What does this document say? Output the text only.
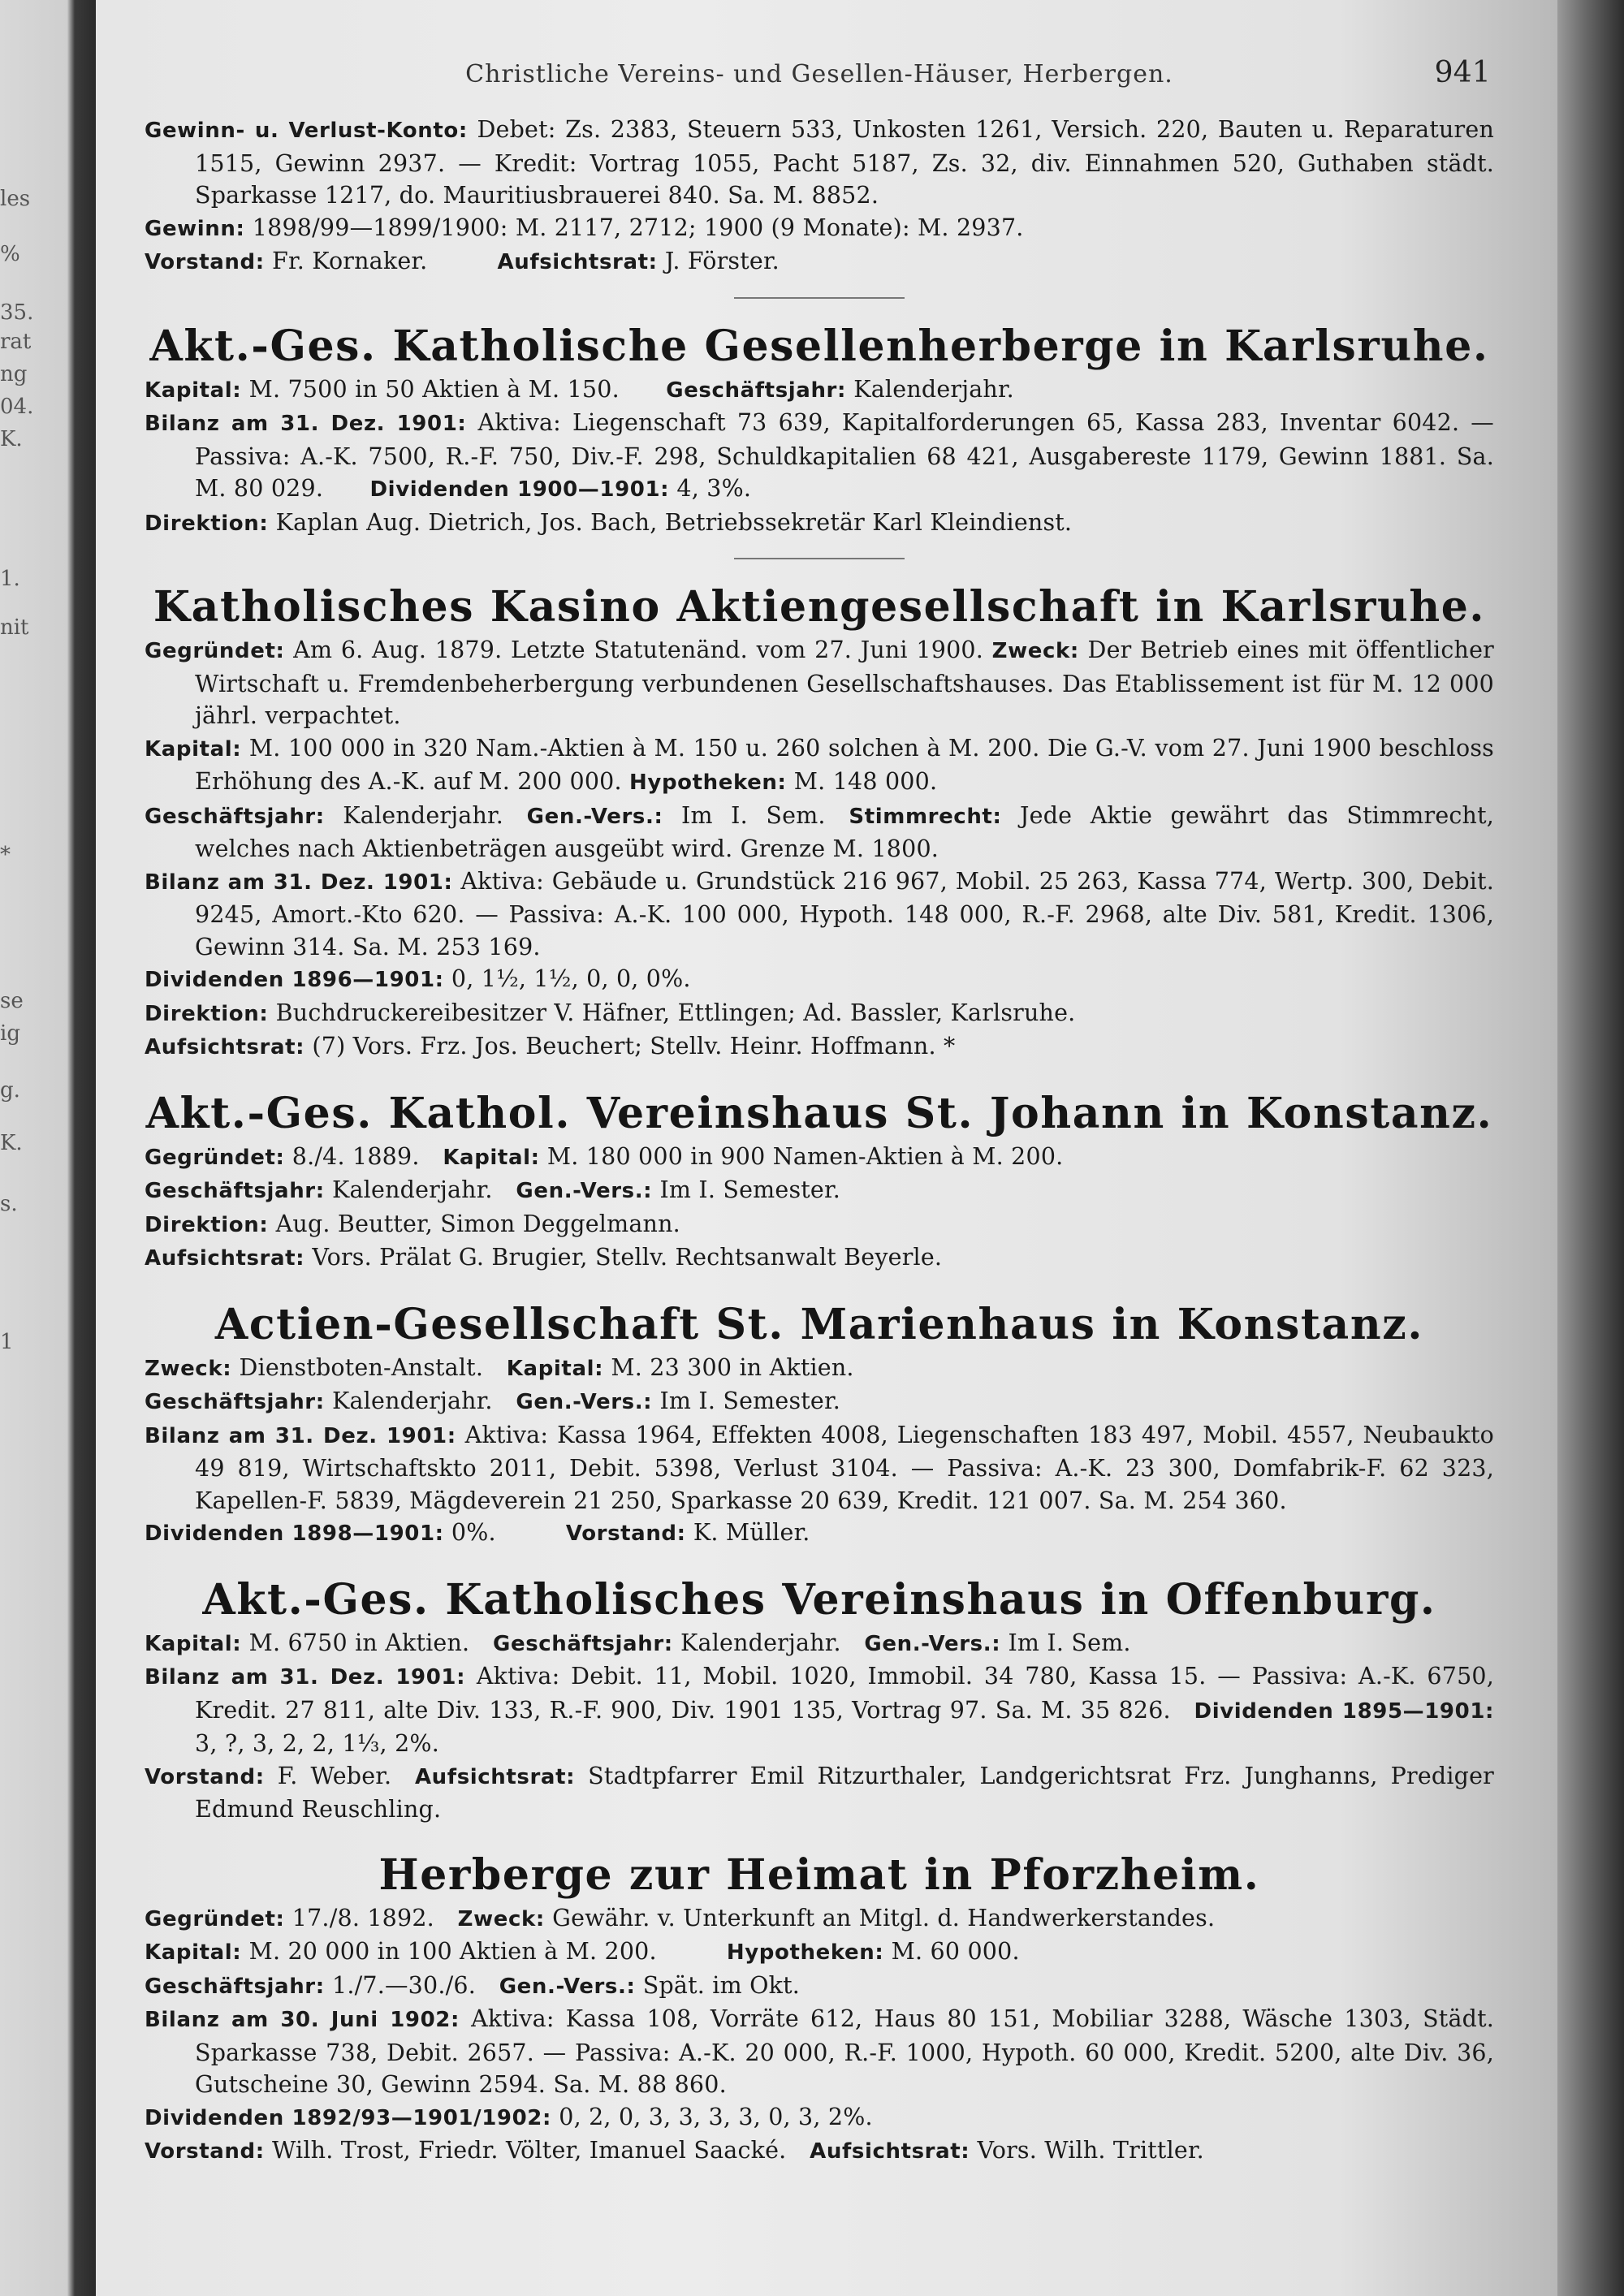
les
%
35.
rat
ng
04.
K.
1.
nit
*
se
ig
g.
K.
s.
1
Christliche Vereins- und Gesellen-Häuser, Herbergen.	941

Gewinn- u. Verlust-Konto: Debet: Zs. 2383, Steuern 533, Unkosten 1261, Versich. 220, Bauten u. Reparaturen 1515, Gewinn 2937. — Kredit: Vortrag 1055, Pacht 5187, Zs. 32, div. Einnahmen 520, Guthaben städt. Sparkasse 1217, do. Mauritiusbrauerei 840. Sa. M. 8852.

Gewinn: 1898/99—1899/1900: M. 2117, 2712; 1900 (9 Monate): M. 2937.

Vorstand: Fr. Kornaker.   	Aufsichtsrat: J. Förster.

Akt.-Ges. Katholische Gesellenherberge in Karlsruhe.

Kapital: M. 7500 in 50 Aktien à M. 150.   Geschäftsjahr: Kalenderjahr.

Bilanz am 31. Dez. 1901: Aktiva: Liegenschaft 73 639, Kapitalforderungen 65, Kassa 283, Inventar 6042. — Passiva: A.-K. 7500, R.-F. 750, Div.-F. 298, Schuldkapitalien 68 421, Ausgabereste 1179, Gewinn 1881. Sa. M. 80 029.   Dividenden 1900—1901: 4, 3%.

Direktion: Kaplan Aug. Dietrich, Jos. Bach, Betriebssekretär Karl Kleindienst.

Katholisches Kasino Aktiengesellschaft in Karlsruhe.

Gegründet: Am 6. Aug. 1879. Letzte Statutenänd. vom 27. Juni 1900. Zweck: Der Betrieb eines mit öffentlicher Wirtschaft u. Fremdenbeherbergung verbundenen Gesellschaftshauses. Das Etablissement ist für M. 12 000 jährl. verpachtet.

Kapital: M. 100 000 in 320 Nam.-Aktien à M. 150 u. 260 solchen à M. 200. Die G.-V. vom 27. Juni 1900 beschloss Erhöhung des A.-K. auf M. 200 000. Hypotheken: M. 148 000.

Geschäftsjahr: Kalenderjahr.  Gen.-Vers.: Im I. Sem.  Stimmrecht: Jede Aktie gewährt das Stimmrecht, welches nach Aktienbeträgen ausgeübt wird. Grenze M. 1800.

Bilanz am 31. Dez. 1901: Aktiva: Gebäude u. Grundstück 216 967, Mobil. 25 263, Kassa 774, Wertp. 300, Debit. 9245, Amort.-Kto 620. — Passiva: A.-K. 100 000, Hypoth. 148 000, R.-F. 2968, alte Div. 581, Kredit. 1306, Gewinn 314. Sa. M. 253 169.

Dividenden 1896—1901: 0, 1½, 1½, 0, 0, 0%.

Direktion: Buchdruckereibesitzer V. Häfner, Ettlingen; Ad. Bassler, Karlsruhe.

Aufsichtsrat: (7) Vors. Frz. Jos. Beuchert; Stellv. Heinr. Hoffmann. *

Akt.-Ges. Kathol. Vereinshaus St. Johann in Konstanz.

Gegründet: 8./4. 1889.  Kapital: M. 180 000 in 900 Namen-Aktien à M. 200.

Geschäftsjahr: Kalenderjahr.  Gen.-Vers.: Im I. Semester.

Direktion: Aug. Beutter, Simon Deggelmann.

Aufsichtsrat: Vors. Prälat G. Brugier, Stellv. Rechtsanwalt Beyerle.

Actien-Gesellschaft St. Marienhaus in Konstanz.

Zweck: Dienstboten-Anstalt.  Kapital: M. 23 300 in Aktien.

Geschäftsjahr: Kalenderjahr.  Gen.-Vers.: Im I. Semester.

Bilanz am 31. Dez. 1901: Aktiva: Kassa 1964, Effekten 4008, Liegenschaften 183 497, Mobil. 4557, Neubaukto 49 819, Wirtschaftskto 2011, Debit. 5398, Verlust 3104. — Passiva: A.-K. 23 300, Domfabrik-F. 62 323, Kapellen-F. 5839, Mägdeverein 21 250, Sparkasse 20 639, Kredit. 121 007. Sa. M. 254 360.

Dividenden 1898—1901: 0%.   	Vorstand: K. Müller.

Akt.-Ges. Katholisches Vereinshaus in Offenburg.

Kapital: M. 6750 in Aktien.  Geschäftsjahr: Kalenderjahr.  Gen.-Vers.: Im I. Sem.

Bilanz am 31. Dez. 1901: Aktiva: Debit. 11, Mobil. 1020, Immobil. 34 780, Kassa 15. — Passiva: A.-K. 6750, Kredit. 27 811, alte Div. 133, R.-F. 900, Div. 1901 135, Vortrag 97. Sa. M. 35 826.  Dividenden 1895—1901: 3, ?, 3, 2, 2, 1⅓, 2%.

Vorstand: F. Weber.  Aufsichtsrat: Stadtpfarrer Emil Ritzurthaler, Landgerichtsrat Frz. Junghanns, Prediger Edmund Reuschling.

Herberge zur Heimat in Pforzheim.

Gegründet: 17./8. 1892.  Zweck: Gewähr. v. Unterkunft an Mitgl. d. Handwerkerstandes.

Kapital: M. 20 000 in 100 Aktien à M. 200.   	Hypotheken: M. 60 000.

Geschäftsjahr: 1./7.—30./6.  Gen.-Vers.: Spät. im Okt.

Bilanz am 30. Juni 1902: Aktiva: Kassa 108, Vorräte 612, Haus 80 151, Mobiliar 3288, Wäsche 1303, Städt. Sparkasse 738, Debit. 2657. — Passiva: A.-K. 20 000, R.-F. 1000, Hypoth. 60 000, Kredit. 5200, alte Div. 36, Gutscheine 30, Gewinn 2594. Sa. M. 88 860.

Dividenden 1892/93—1901/1902: 0, 2, 0, 3, 3, 3, 3, 0, 3, 2%.

Vorstand: Wilh. Trost, Friedr. Völter, Imanuel Saacké.  Aufsichtsrat: Vors. Wilh. Trittler.
